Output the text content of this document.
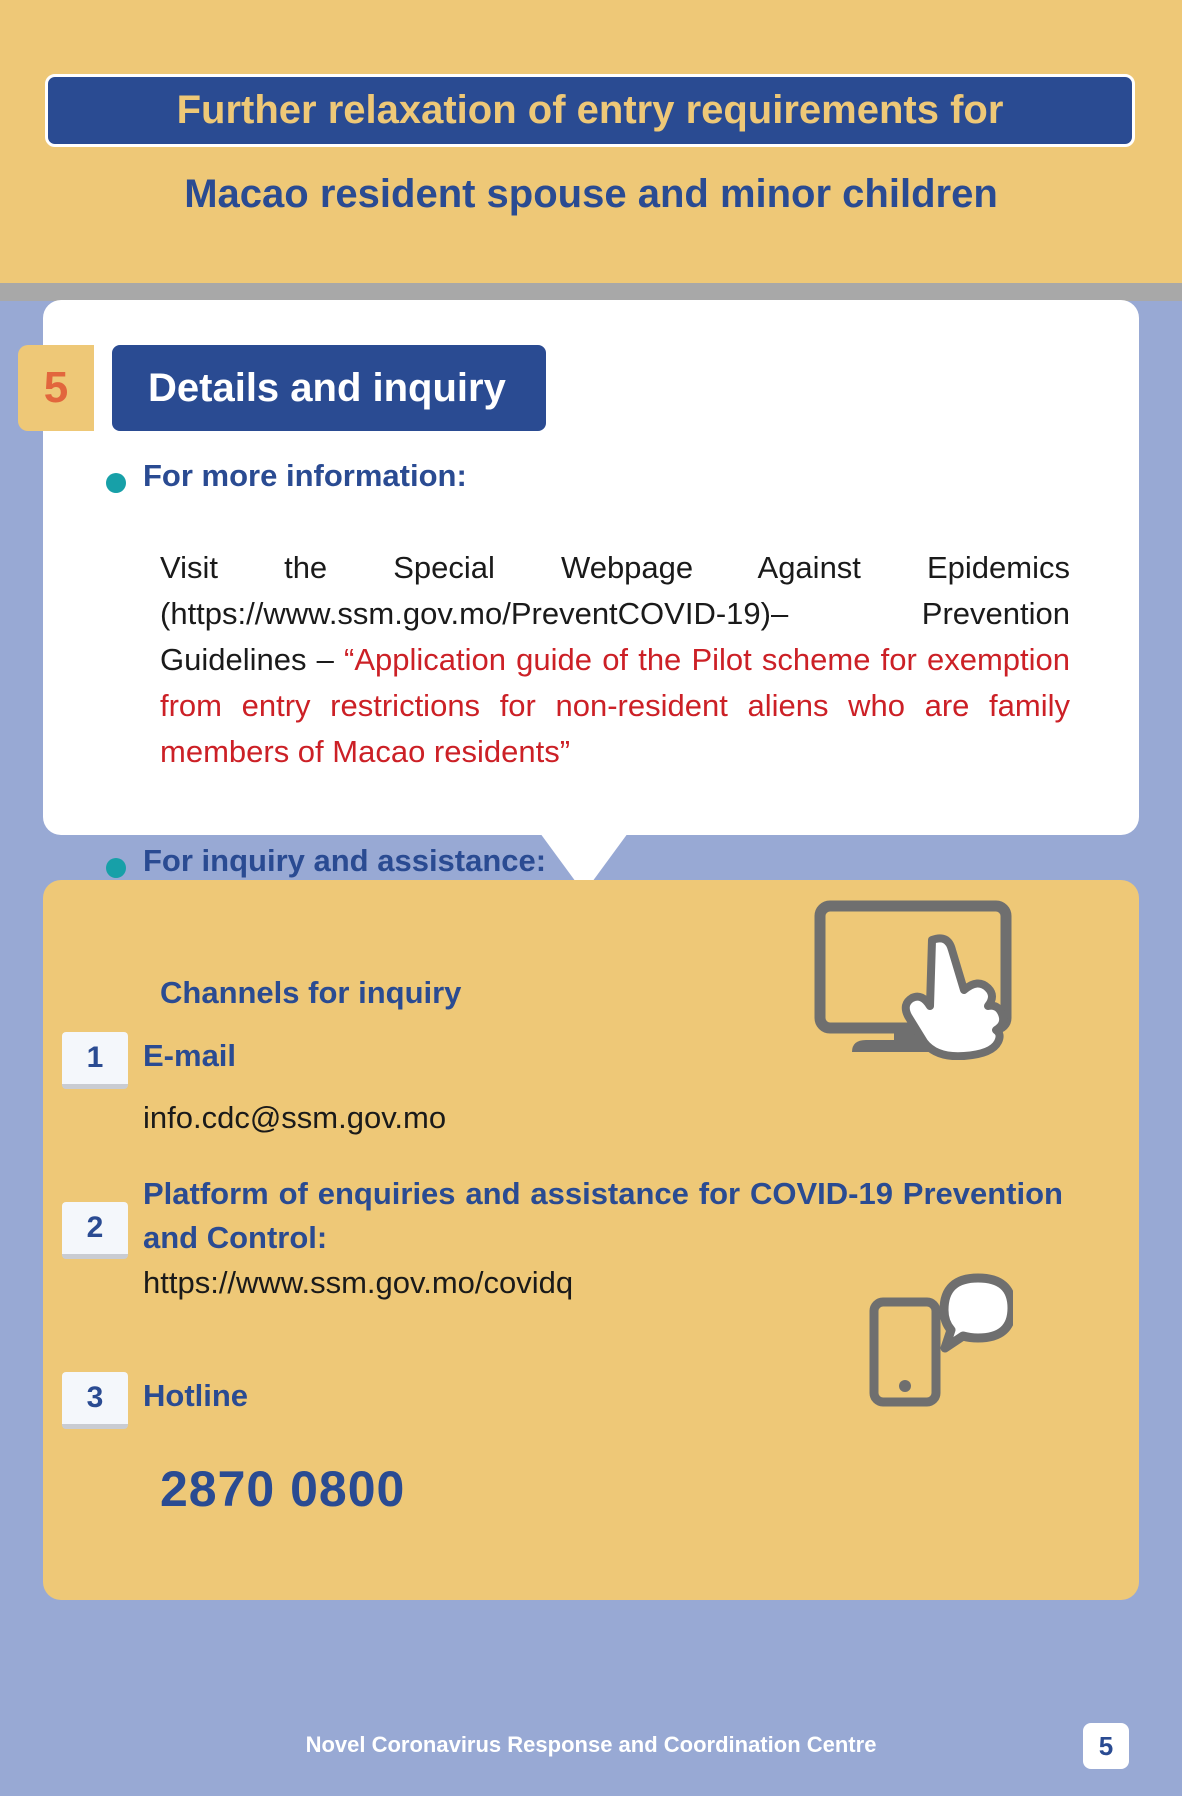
Further relaxation of entry requirements for
Macao resident spouse and minor children
5	Details and inquiry
For more information:
Visit the Special Webpage Against Epidemics (https://www.ssm.gov.mo/PreventCOVID-19)– Prevention Guidelines – “Application guide of the Pilot scheme for exemption from entry restrictions for non-resident aliens who are family members of Macao residents”
For inquiry and assistance:
Channels for inquiry
1	E-mail
info.cdc@ssm.gov.mo
2
Platform of enquiries and assistance for COVID-19 Prevention and Control:
https://www.ssm.gov.mo/covidq
3	Hotline
2870 0800
Novel Coronavirus Response and Coordination Centre	5
